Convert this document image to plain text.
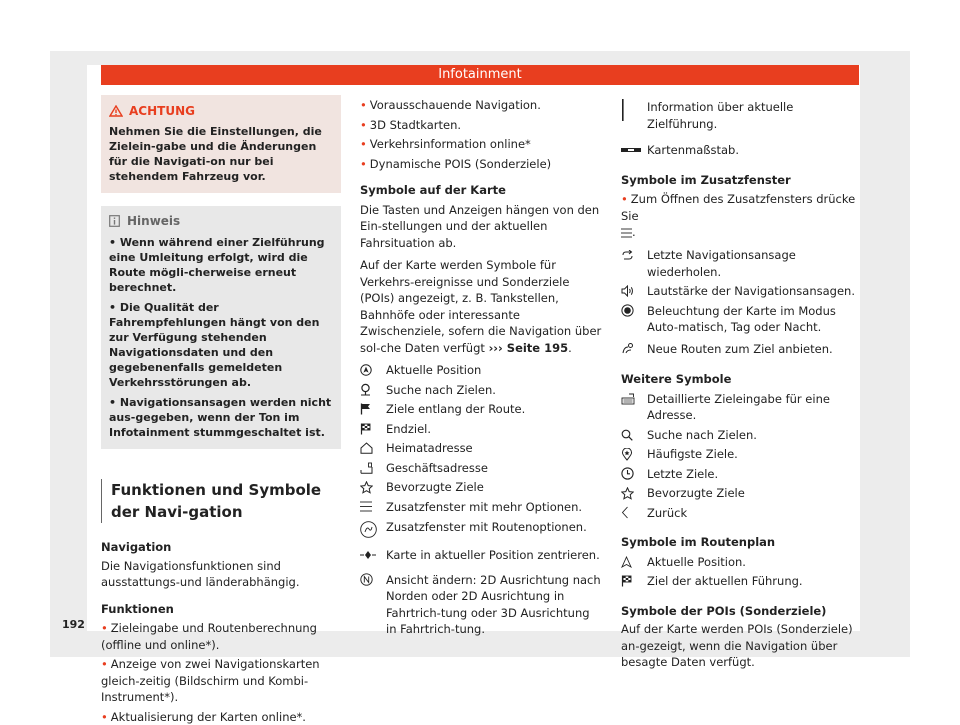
Infotainment
192
ACHTUNG
Nehmen Sie die Einstellungen, die Zielein-gabe und die Änderungen für die Navigati-on nur bei stehendem Fahrzeug vor.
Hinweis
• Wenn während einer Zielführung eine Umleitung erfolgt, wird die Route mögli-cherweise erneut berechnet.
• Die Qualität der Fahrempfehlungen hängt von den zur Verfügung stehenden Navigationsdaten und den gegebenenfalls gemeldeten Verkehrsstörungen ab.
• Navigationsansagen werden nicht aus-gegeben, wenn der Ton im Infotainment stummgeschaltet ist.
Funktionen und Symbole der Navi-gation
Navigation
Die Navigationsfunktionen sind ausstattungs-und länderabhängig.
Funktionen
• Zieleingabe und Routenberechnung (offline und online*).
• Anzeige von zwei Navigationskarten gleich-zeitig (Bildschirm und Kombi-Instrument*).
• Aktualisierung der Karten online*.
• Vorausschauende Navigation.
• 3D Stadtkarten.
• Verkehrsinformation online*
• Dynamische POIS (Sonderziele)
Symbole auf der Karte
Die Tasten und Anzeigen hängen von den Ein-stellungen und der aktuellen Fahrsituation ab.

Auf der Karte werden Symbole für Verkehrs-ereignisse und Sonderziele (POIs) angezeigt, z. B. Tankstellen, Bahnhöfe oder interessante Zwischenziele, sofern die Navigation über sol-che Daten verfügt ››› Seite 195.

Aktuelle Position
Suche nach Zielen.
Ziele entlang der Route.
Endziel.
Heimatadresse
Geschäftsadresse
Bevorzugte Ziele
Zusatzfenster mit mehr Optionen.
Zusatzfenster mit Routenoptionen.
Karte in aktueller Position zentrieren.
Ansicht ändern: 2D Ausrichtung nach Norden oder 2D Ausrichtung in Fahrtrich-tung oder 3D Ausrichtung in Fahrtrich-tung.
Information über aktuelle Zielführung.
Kartenmaßstab.
Symbole im Zusatzfenster
• Zum Öffnen des Zusatzfensters drücke Sie
.
Letzte Navigationsansage wiederholen.
Lautstärke der Navigationsansagen.
Beleuchtung der Karte im Modus Auto-matisch, Tag oder Nacht.
Neue Routen zum Ziel anbieten.
Weitere Symbole
Detaillierte Zieleingabe für eine Adresse.
Suche nach Zielen.
Häufigste Ziele.
Letzte Ziele.
Bevorzugte Ziele
Zurück
Symbole im Routenplan
Aktuelle Position.
Ziel der aktuellen Führung.
Symbole der POIs (Sonderziele)
Auf der Karte werden POIs (Sonderziele) an-gezeigt, wenn die Navigation über besagte Daten verfügt.
